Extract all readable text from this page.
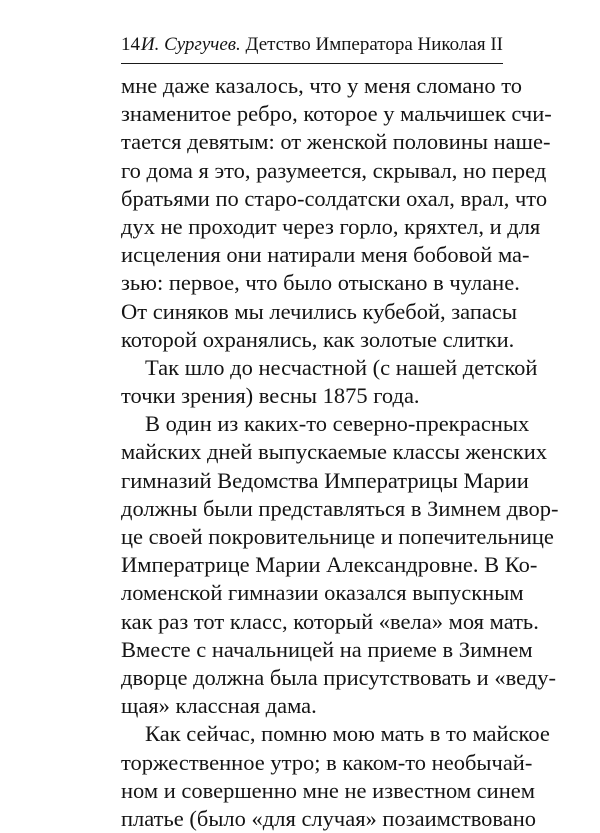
14 И. Сургучев. Детство Императора Николая II
мне даже казалось, что у меня сломано то
знаменитое ребро, которое у мальчишек счи-
тается девятым: от женской половины наше-
го дома я это, разумеется, скрывал, но перед
братьями по старо-солдатски охал, врал, что
дух не проходит через горло, кряхтел, и для
исцеления они натирали меня бобовой ма-
зью: первое, что было отыскано в чулане.
От синяков мы лечились кубебой, запасы
которой охранялись, как золотые слитки.
Так шло до несчастной (с нашей детской
точки зрения) весны 1875 года.
В один из каких-то северно-прекрасных
майских дней выпускаемые классы женских
гимназий Ведомства Императрицы Марии
должны были представляться в Зимнем двор-
це своей покровительнице и попечительнице
Императрице Марии Александровне. В Ко-
ломенской гимназии оказался выпускным
как раз тот класс, который «вела» моя мать.
Вместе с начальницей на приеме в Зимнем
дворце должна была присутствовать и «веду-
щая» классная дама.
Как сейчас, помню мою мать в то майское
торжественное утро; в каком-то необычай-
ном и совершенно мне не известном синем
платье (было «для случая» позаимствовано
